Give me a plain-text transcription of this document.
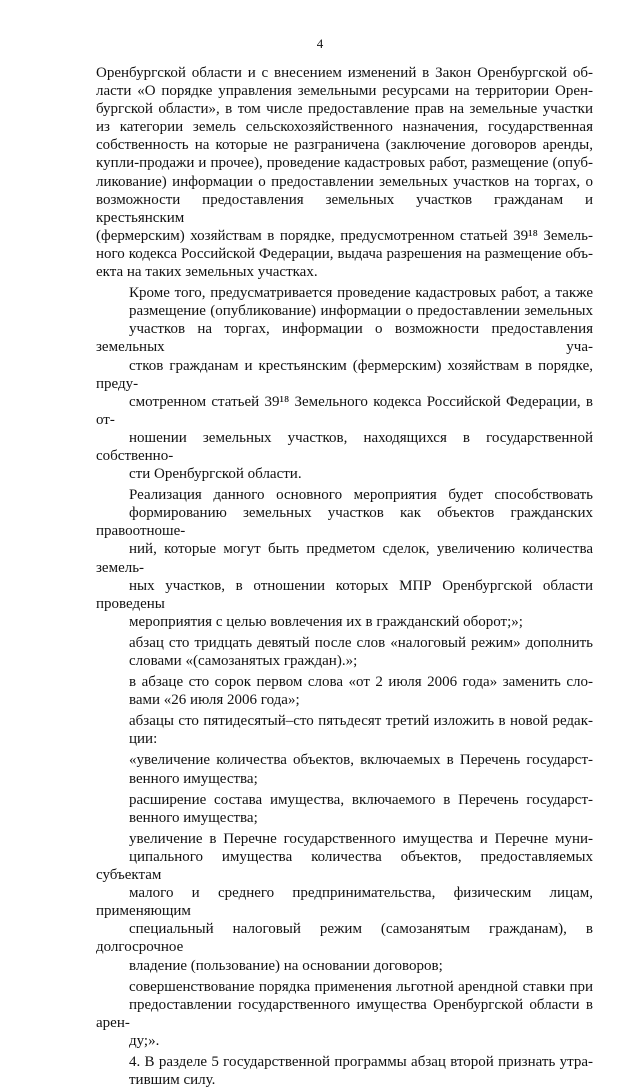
4

Оренбургской области и с внесением изменений в Закон Оренбургской об-
ласти «О порядке управления земельными ресурсами на территории Орен-
бургской области», в том числе предоставление прав на земельные участки
из категории земель сельскохозяйственного назначения, государственная
собственность на которые не разграничена (заключение договоров аренды,
купли-продажи и прочее), проведение кадастровых работ, размещение (опуб-
ликование) информации о предоставлении земельных участков на торгах, о
возможности предоставления земельных участков гражданам и крестьянским
(фермерским) хозяйствам в порядке, предусмотренном статьей 39¹⁸ Земель-
ного кодекса Российской Федерации, выдача разрешения на размещение объ-
екта на таких земельных участках.

Кроме того, предусматривается проведение кадастровых работ, а также
размещение (опубликование) информации о предоставлении земельных
участков на торгах, информации о возможности предоставления земельных уча-
стков гражданам и крестьянским (фермерским) хозяйствам в порядке, преду-
смотренном статьей 39¹⁸ Земельного кодекса Российской Федерации, в от-
ношении земельных участков, находящихся в государственной собственно-
сти Оренбургской области.

Реализация данного основного мероприятия будет способствовать
формированию земельных участков как объектов гражданских правоотноше-
ний, которые могут быть предметом сделок, увеличению количества земель-
ных участков, в отношении которых МПР Оренбургской области проведены
мероприятия с целью вовлечения их в гражданский оборот;»;

абзац сто тридцать девятый после слов «налоговый режим» дополнить
словами «(самозанятых граждан).»;

в абзаце сто сорок первом слова «от 2 июля 2006 года» заменить сло-
вами «26 июля 2006 года»;

абзацы сто пятидесятый–сто пятьдесят третий изложить в новой редак-
ции:

«увеличение количества объектов, включаемых в Перечень государст-
венного имущества;

расширение состава имущества, включаемого в Перечень государст-
венного имущества;

увеличение в Перечне государственного имущества и Перечне муни-
ципального имущества количества объектов, предоставляемых субъектам
малого и среднего предпринимательства, физическим лицам, применяющим
специальный налоговый режим (самозанятым гражданам), в долгосрочное
владение (пользование) на основании договоров;

совершенствование порядка применения льготной арендной ставки при
предоставлении государственного имущества Оренбургской области в арен-
ду;».

4. В разделе 5 государственной программы абзац второй признать утра-
тившим силу.
